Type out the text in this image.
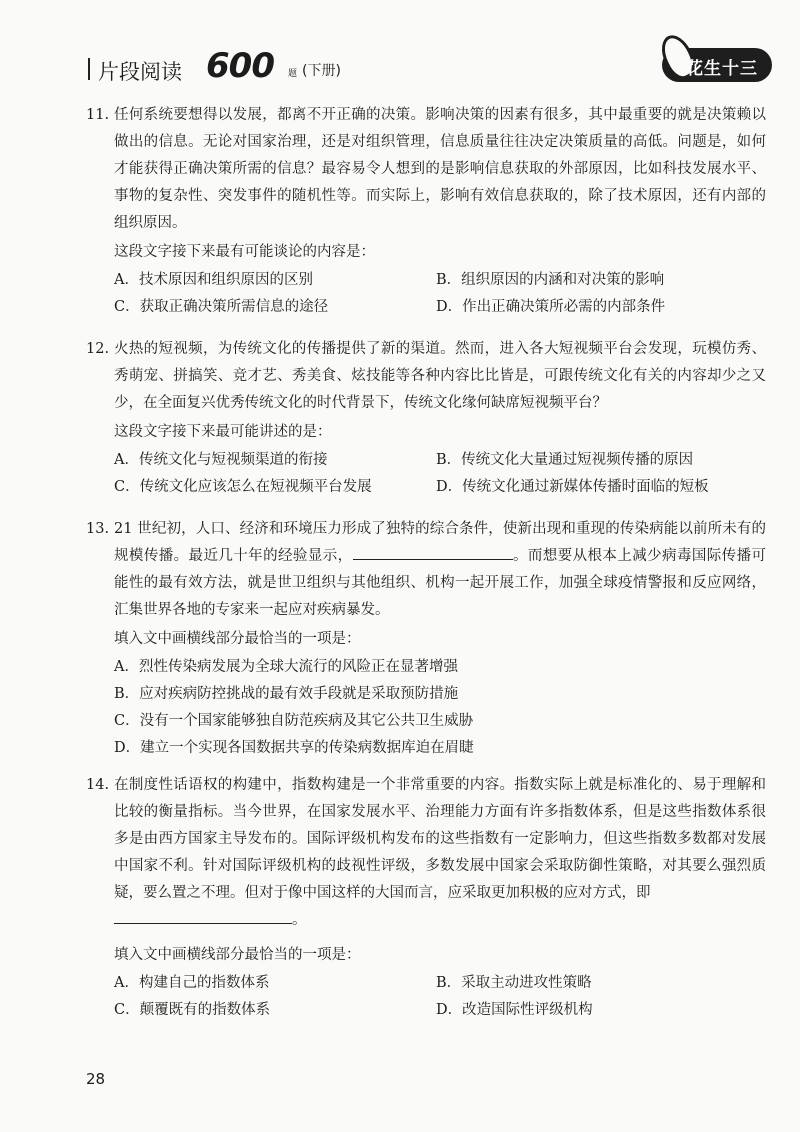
片段阅读 600 题 (下册)	花生十三
11. 任何系统要想得以发展，都离不开正确的决策。影响决策的因素有很多，其中最重要的就是决策赖以做出的信息。无论对国家治理，还是对组织管理，信息质量往往决定决策质量的高低。问题是，如何才能获得正确决策所需的信息？最容易令人想到的是影响信息获取的外部原因，比如科技发展水平、事物的复杂性、突发事件的随机性等。而实际上，影响有效信息获取的，除了技术原因，还有内部的组织原因。
这段文字接下来最有可能谈论的内容是：
A．技术原因和组织原因的区别	B．组织原因的内涵和对决策的影响
C．获取正确决策所需信息的途径	D．作出正确决策所必需的内部条件
12. 火热的短视频，为传统文化的传播提供了新的渠道。然而，进入各大短视频平台会发现，玩模仿秀、秀萌宠、拼搞笑、竞才艺、秀美食、炫技能等各种内容比比皆是，可跟传统文化有关的内容却少之又少，在全面复兴优秀传统文化的时代背景下，传统文化缘何缺席短视频平台？
这段文字接下来最可能讲述的是：
A．传统文化与短视频渠道的衔接	B．传统文化大量通过短视频传播的原因
C．传统文化应该怎么在短视频平台发展	D．传统文化通过新媒体传播时面临的短板
13. 21 世纪初，人口、经济和环境压力形成了独特的综合条件，使新出现和重现的传染病能以前所未有的规模传播。最近几十年的经验显示，	。而想要从根本上减少病毒国际传播可能性的最有效方法，就是世卫组织与其他组织、机构一起开展工作，加强全球疫情警报和反应网络，汇集世界各地的专家来一起应对疾病暴发。
填入文中画横线部分最恰当的一项是：
A．烈性传染病发展为全球大流行的风险正在显著增强
B．应对疾病防控挑战的最有效手段就是采取预防措施
C．没有一个国家能够独自防范疾病及其它公共卫生威胁
D．建立一个实现各国数据共享的传染病数据库迫在眉睫
14. 在制度性话语权的构建中，指数构建是一个非常重要的内容。指数实际上就是标准化的、易于理解和比较的衡量指标。当今世界，在国家发展水平、治理能力方面有许多指数体系，但是这些指数体系很多是由西方国家主导发布的。国际评级机构发布的这些指数有一定影响力，但这些指数多数都对发展中国家不利。针对国际评级机构的歧视性评级，多数发展中国家会采取防御性策略，对其要么强烈质疑，要么置之不理。但对于像中国这样的大国而言，应采取更加积极的应对方式，即
。
填入文中画横线部分最恰当的一项是：
A．构建自己的指数体系	B．采取主动进攻性策略
C．颠覆既有的指数体系	D．改造国际性评级机构
28
